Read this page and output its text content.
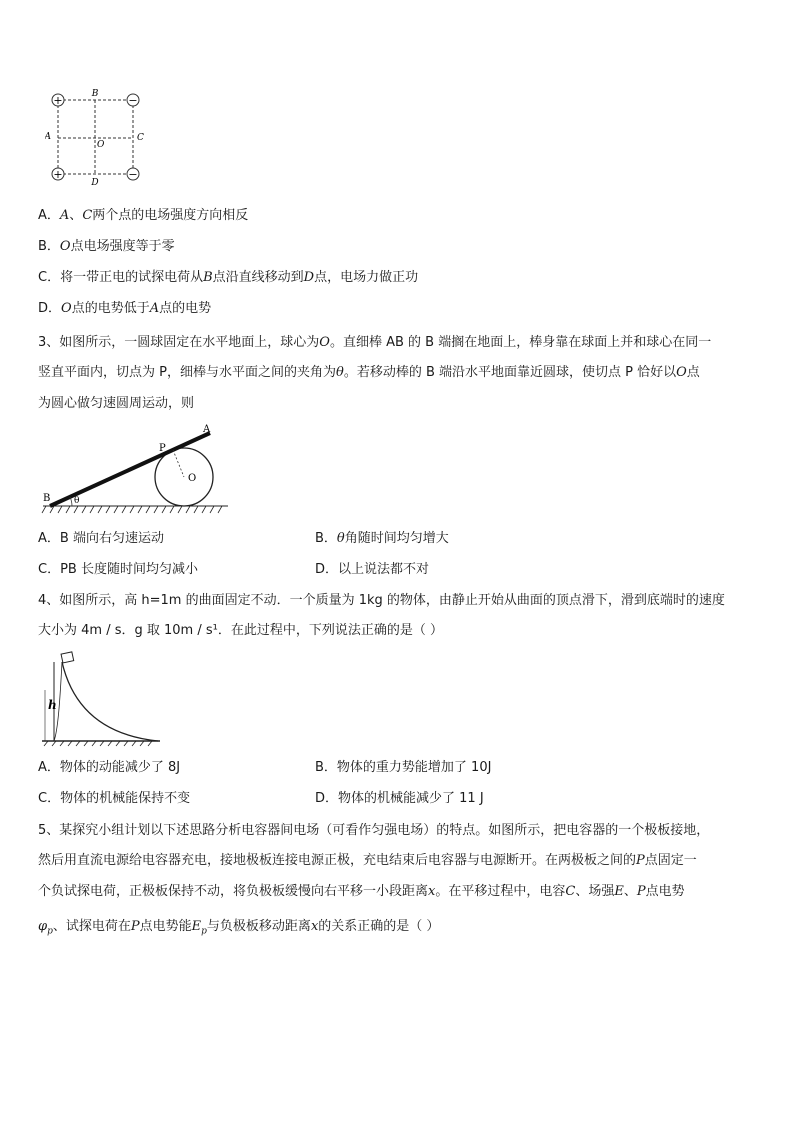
+	−
+	−
B
A
O
C
D
A．A、C两个点的电场强度方向相反
B．O点电场强度等于零
C．将一带正电的试探电荷从B点沿直线移动到D点，电场力做正功
D．O点的电势低于A点的电势
3、如图所示，一圆球固定在水平地面上，球心为O。直细棒 AB 的 B 端搁在地面上，棒身靠在球面上并和球心在同一
竖直平面内，切点为 P，细棒与水平面之间的夹角为θ。若移动棒的 B 端沿水平地面靠近圆球，使切点 P 恰好以O点
为圆心做匀速圆周运动，则
A
P
O
B	θ
A．B 端向右匀速运动	B．θ角随时间均匀增大
C．PB 长度随时间均匀减小	D．以上说法都不对
4、如图所示，高 h=1m 的曲面固定不动．一个质量为 1kg 的物体，由静止开始从曲面的顶点滑下，滑到底端时的速度
大小为 4m / s．g 取 10m / s¹．在此过程中，下列说法正确的是（ ）
h
A．物体的动能减少了 8J	B．物体的重力势能增加了 10J
C．物体的机械能保持不变	D．物体的机械能减少了 11 J
5、某探究小组计划以下述思路分析电容器间电场（可看作匀强电场）的特点。如图所示，把电容器的一个极板接地，
然后用直流电源给电容器充电，接地极板连接电源正极，充电结束后电容器与电源断开。在两极板之间的P点固定一
个负试探电荷，正极板保持不动，将负极板缓慢向右平移一小段距离x。在平移过程中，电容C、场强E、P点电势
$\varphi_p$、试探电荷在P点电势能$E_p$与负极板移动距离x的关系正确的是（ ）
